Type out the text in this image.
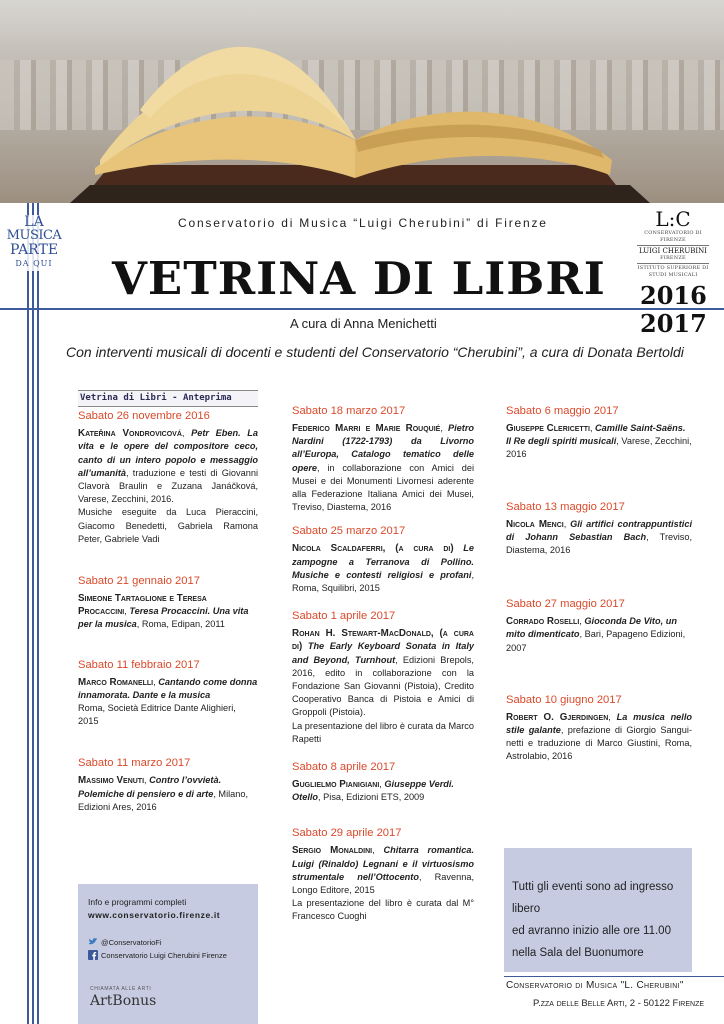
LA
MUSICA
PARTE
DA QUI
Conservatorio di Musica “Luigi Cherubini” di Firenze	L:C
CONSERVATORIO DI FIRENZE
LUIGI CHERUBINI
FIRENZE
ISTITUTO SUPERIORE DI STUDI MUSICALI
VETRINA DI LIBRI 2016
2017
A cura di Anna Menichetti
Con interventi musicali di docenti e studenti del Conservatorio “Cherubini”, a cura di Donata Bertoldi
Vetrina di Libri - Anteprima
Sabato 26 novembre 2016
Kateřina Vondrovicová, Petr Eben. La vita e le opere del compositore ceco, canto di un intero popolo e messaggio all’umanità, traduzione e testi di Giovanni Clavorà Braulin e Zuzana Janáčková, Varese, Zecchini, 2016.
Musiche eseguite da Luca Pieraccini, Giacomo Benedetti, Gabriela Ramona Peter, Gabriele Vadi
Sabato 21 gennaio 2017
Simeone Tartaglione e Teresa Procaccini, Teresa Procaccini. Una vita per la musica, Roma, Edipan, 2011
Sabato 11 febbraio 2017
Marco Romanelli, Cantando come donna innamorata. Dante e la musica
Roma, Società Editrice Dante Alighieri, 2015
Sabato 11 marzo 2017
Massimo Venuti, Contro l’ovvietà. Polemiche di pensiero e di arte, Milano, Edizioni Ares, 2016
Sabato 18 marzo 2017
Federico Marri e Marie Rouquié, Pietro Nardini (1722-1793) da Livorno all’Europa, Catalogo tematico delle opere, in collaborazione con Amici dei Musei e dei Monumenti Livornesi aderente alla Federazione Italiana Amici dei Musei, Treviso, Diastema, 2016
Sabato 25 marzo 2017
Nicola Scaldaferri, (a cura di) Le zampogne a Terranova di Pollino. Musiche e contesti religiosi e profani, Roma, Squilibri, 2015
Sabato 1 aprile 2017
Rohan H. Stewart-MacDonald, (a cura di) The Early Keyboard Sonata in Italy and Beyond, Turnhout, Edizioni Brepols, 2016, edito in collaborazione con la Fondazione San Giovanni (Pistoia), Credito Cooperativo Banca di Pistoia e Amici di Groppoli (Pistoia).
La presentazione del libro è curata da Marco Rapetti
Sabato 8 aprile 2017
Guglielmo Pianigiani, Giuseppe Verdi. Otello, Pisa, Edizioni ETS, 2009
Sabato 29 aprile 2017
Sergio Monaldini, Chitarra romantica. Luigi (Rinaldo) Legnani e il virtuosismo strumentale nell’Ottocento, Ravenna, Longo Editore, 2015
La presentazione del libro è curata dal M° Francesco Cuoghi
Sabato 6 maggio 2017
Giuseppe Clericetti, Camille Saint-Saëns. Il Re degli spiriti musicali, Varese, Zecchini, 2016
Sabato 13 maggio 2017
Nicola Menci, Gli artifici contrappuntistici di Johann Sebastian Bach, Treviso, Diastema, 2016
Sabato 27 maggio 2017
Corrado Roselli, Gioconda De Vito, un mito dimenticato, Bari, Papageno Edizioni, 2007
Sabato 10 giugno 2017
Robert O. Gjerdingen, La musica nello stile galante, prefazione di Giorgio Sanguinetti e traduzione di Marco Giustini, Roma, Astrolabio, 2016
Info e programmi completi
www.conservatorio.firenze.it
@ConservatorioFi
Conservatorio Luigi Cherubini Firenze
CHIAMATA ALLE ARTI
ArtBonus
Tutti gli eventi sono ad ingresso libero
ed avranno inizio alle ore 11.00
nella Sala del Buonumore
Conservatorio di Musica "L. Cherubini"
P.zza delle Belle Arti, 2 - 50122 Firenze
